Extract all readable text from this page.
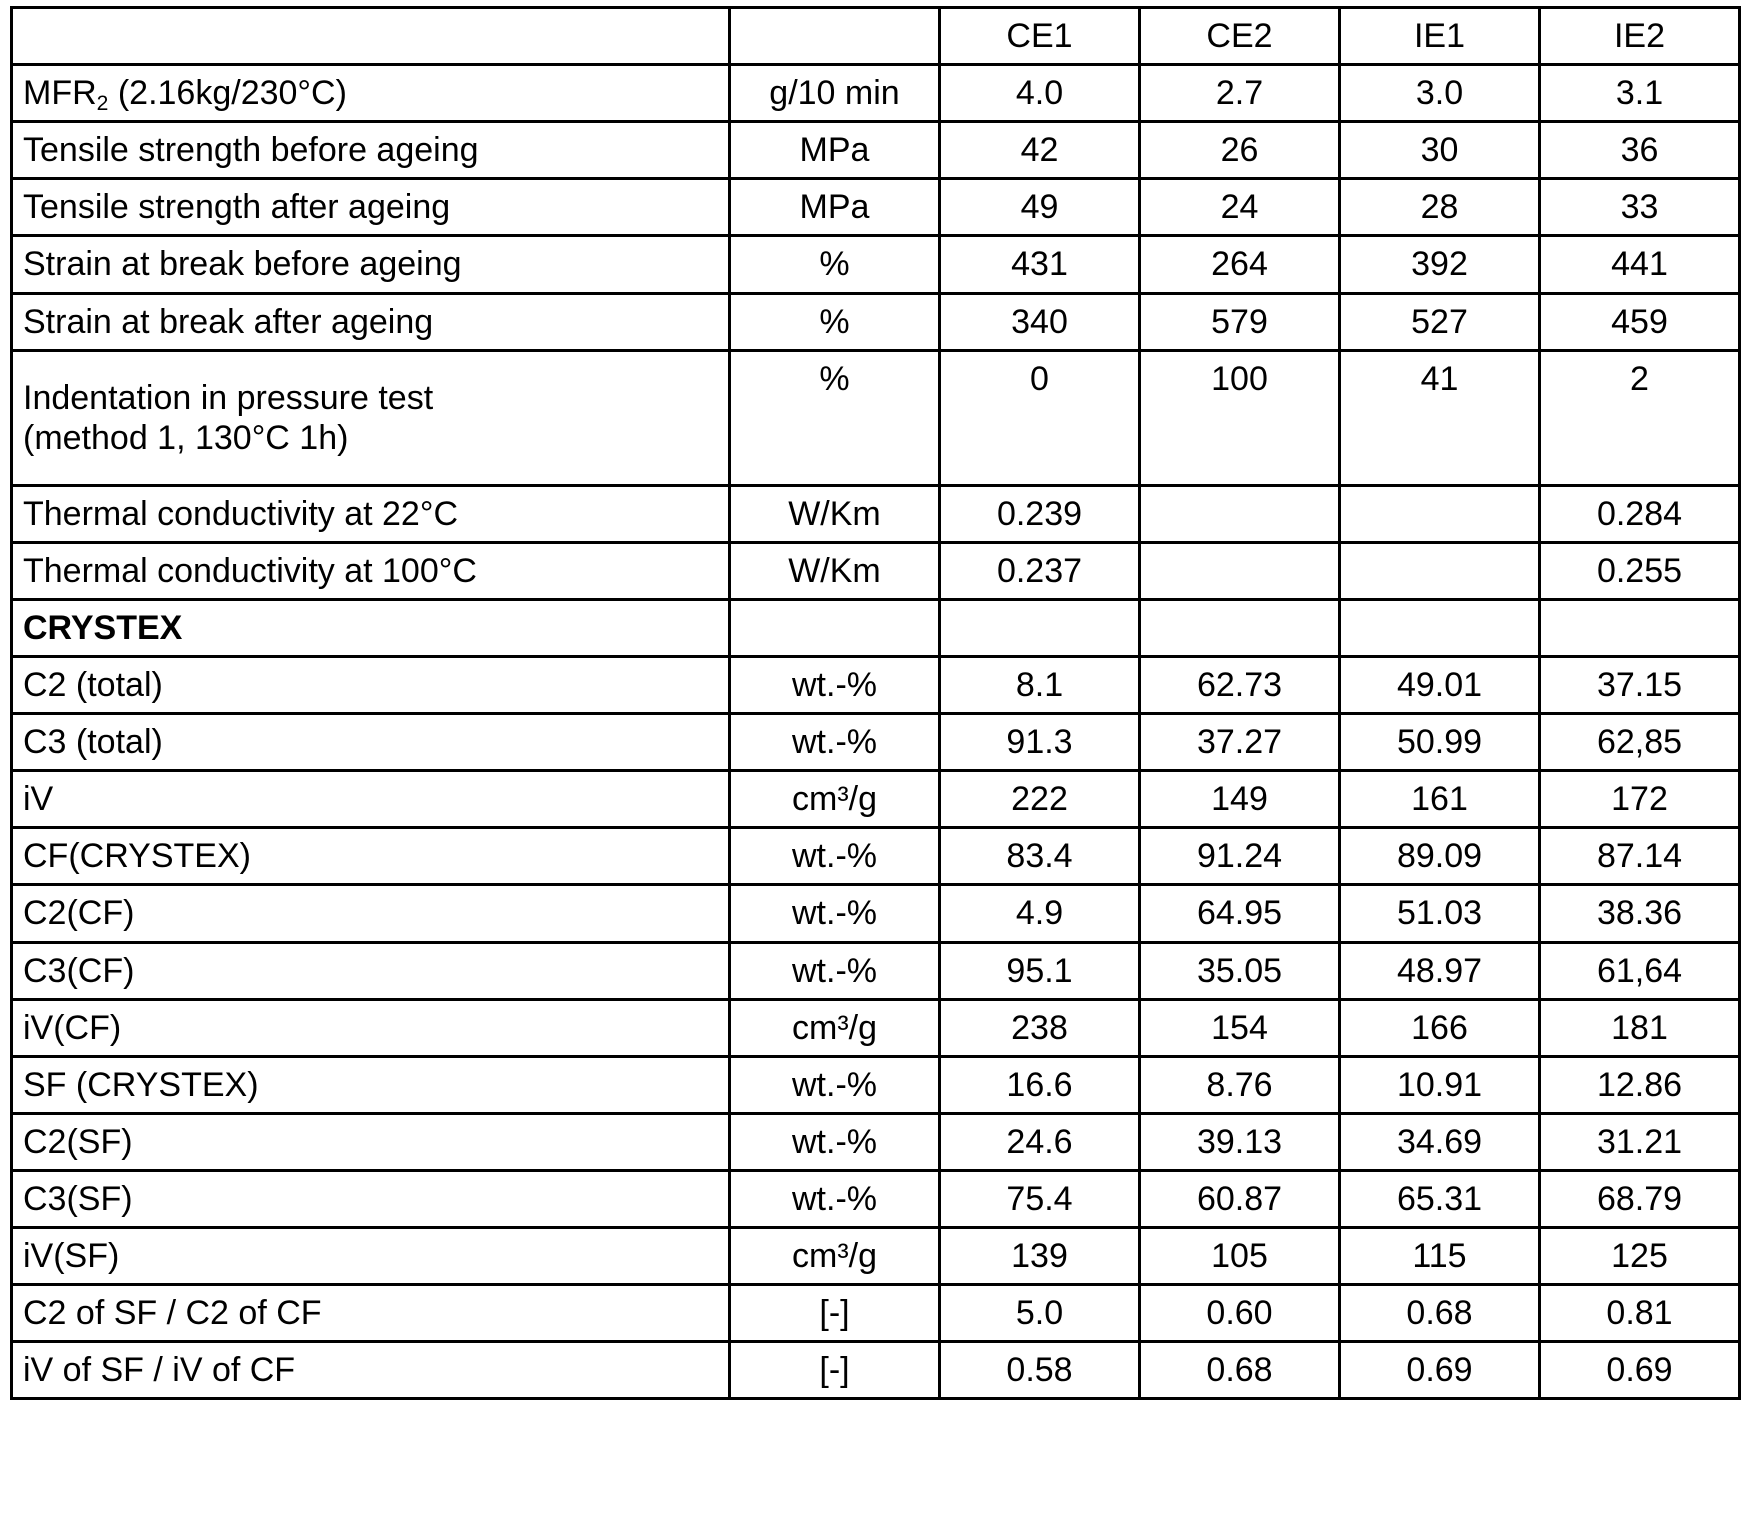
		CE1	CE2	IE1	IE2
$MFR_2$ (2.16kg/230°C)	g/10 min	4.0	2.7	3.0	3.1
Tensile strength before ageing	MPa	42	26	30	36
Tensile strength after ageing	MPa	49	24	28	33
Strain at break before ageing	%	431	264	392	441
Strain at break after ageing	%	340	579	527	459

Indentation in pressure test
(method 1, 130°C 1h)	%	0	100	41	2
Thermal conductivity at 22°C	W/Km	0.239			0.284
Thermal conductivity at 100°C	W/Km	0.237			0.255
CRYSTEX					
C2 (total)	wt.-%	8.1	62.73	49.01	37.15
C3 (total)	wt.-%	91.3	37.27	50.99	62,85
iV	cm³/g	222	149	161	172
CF(CRYSTEX)	wt.-%	83.4	91.24	89.09	87.14
C2(CF)	wt.-%	4.9	64.95	51.03	38.36
C3(CF)	wt.-%	95.1	35.05	48.97	61,64
iV(CF)	cm³/g	238	154	166	181
SF (CRYSTEX)	wt.-%	16.6	8.76	10.91	12.86
C2(SF)	wt.-%	24.6	39.13	34.69	31.21
C3(SF)	wt.-%	75.4	60.87	65.31	68.79
iV(SF)	cm³/g	139	105	115	125
C2 of SF / C2 of CF	[-]	5.0	0.60	0.68	0.81
iV of SF / iV of CF	[-]	0.58	0.68	0.69	0.69
